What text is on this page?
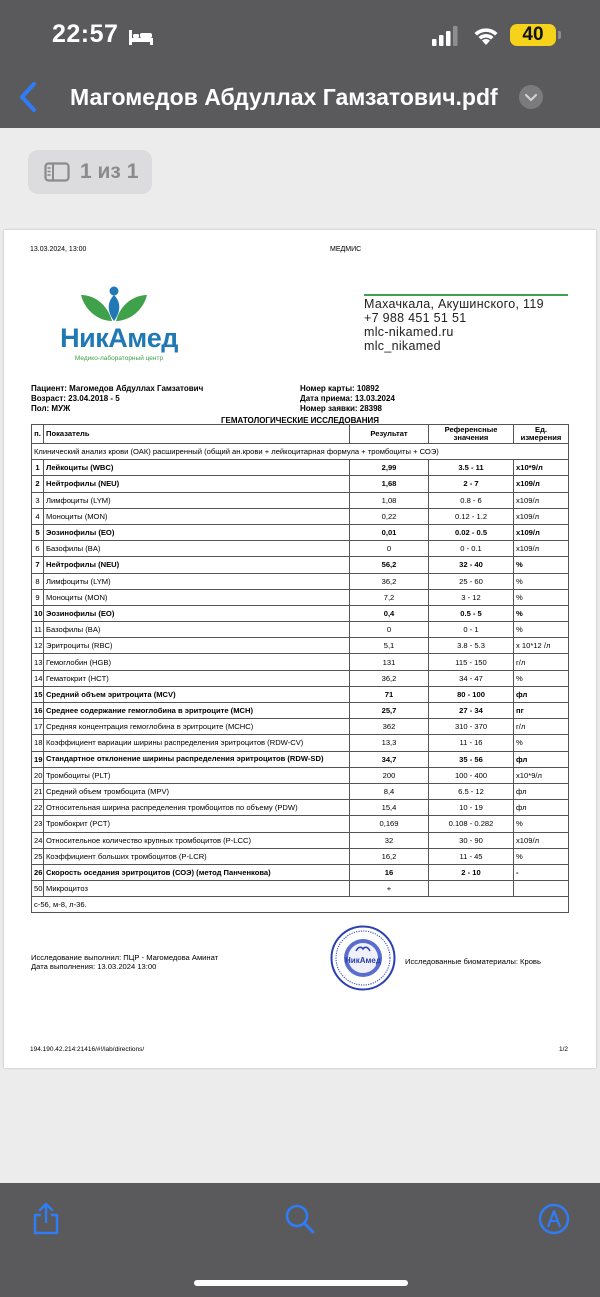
22:57	40
Магомедов Абдуллах Гамзатович.pdf
1 из 1
13.03.2024, 13:00	МЕДМИС
НикАмед
Медико-лабораторный центр
Махачкала, Акушинского, 119
+7 988 451 51 51
mlc-nikamed.ru
mlc_nikamed
Пациент: Магомедов Абдуллах Гамзатович
Возраст: 23.04.2018 - 5
Пол: МУЖ
Номер карты: 10892
Дата приема: 13.03.2024
Номер заявки: 28398
ГЕМАТОЛОГИЧЕСКИЕ ИССЛЕДОВАНИЯ
п.	Показатель	Результат	Референсные значения	Ед. измерения
Клинический анализ крови (ОАК) расширенный (общий ан.крови + лейкоцитарная формула + тромбоциты + СОЭ)				
1	Лейкоциты (WBC)	2,99	3.5 - 11	x10*9/л
2	Нейтрофилы (NEU)	1,68	2 - 7	x109/л
3	Лимфоциты (LYM)	1,08	0.8 - 6	x109/л
4	Моноциты (MON)	0,22	0.12 - 1.2	x109/л
5	Эозинофилы (EO)	0,01	0.02 - 0.5	x109/л
6	Базофилы (BA)	0	0 - 0.1	x109/л
7	Нейтрофилы (NEU)	56,2	32 - 40	%
8	Лимфоциты (LYM)	36,2	25 - 60	%
9	Моноциты (MON)	7,2	3 - 12	%
10	Эозинофилы (EO)	0,4	0.5 - 5	%
11	Базофилы (BA)	0	0 - 1	%
12	Эритроциты (RBC)	5,1	3.8 - 5.3	x 10*12 /л
13	Гемоглобин (HGB)	131	115 - 150	г/л
14	Гематокрит (HCT)	36,2	34 - 47	%
15	Средний объем эритроцита (MCV)	71	80 - 100	фл
16	Среднее содержание гемоглобина в эритроците (MCH)	25,7	27 - 34	пг
17	Средняя концентрация гемоглобина в эритроците (MCHC)	362	310 - 370	г/л
18	Коэффициент вариации ширины распределения эритроцитов (RDW-CV)	13,3	11 - 16	%
19	Стандартное отклонение ширины распределения эритроцитов (RDW-SD)	34,7	35 - 56	фл
20	Тромбоциты (PLT)	200	100 - 400	x10*9/л
21	Средний объем тромбоцита (MPV)	8,4	6.5 - 12	фл
22	Относительная ширина распределения тромбоцитов по объему (PDW)	15,4	10 - 19	фл
23	Тромбокрит (PCT)	0,169	0.108 - 0.282	%
24	Относительное количество крупных тромбоцитов (P-LCC)	32	30 - 90	x109/л
25	Коэффициент больших тромбоцитов (P-LCR)	16,2	11 - 45	%
26	Скорость оседания эритроцитов (СОЭ) (метод Панченкова)	16	2 - 10	-
50	Микроцитоз	+		
с-56, м-8, л-36.				
Исследование выполнил: ПЦР - Магомедова Аминат
Дата выполнения: 13.03.2024 13:00
НикАмед	Исследованные биоматериалы: Кровь
194.190.42.214:21416/#!/lab/directions/	1/2
